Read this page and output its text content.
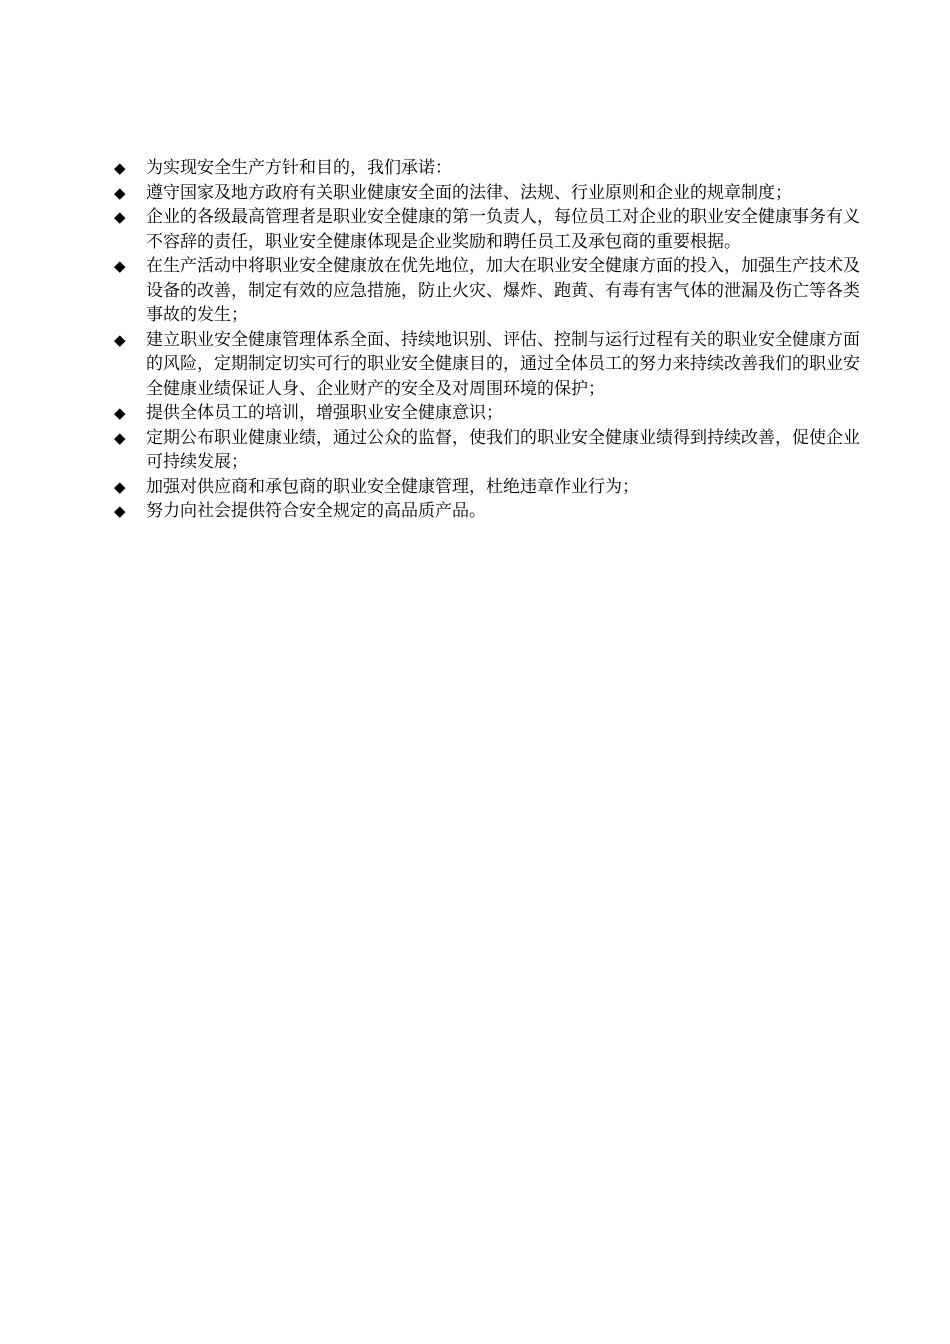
◆	为实现安全生产方针和目的，我们承诺：
◆	遵守国家及地方政府有关职业健康安全面的法律、法规、行业原则和企业的规章制度；
◆	企业的各级最高管理者是职业安全健康的第一负责人，每位员工对企业的职业安全健康事务有义不容辞的责任，职业安全健康体现是企业奖励和聘任员工及承包商的重要根据。
◆	在生产活动中将职业安全健康放在优先地位，加大在职业安全健康方面的投入，加强生产技术及设备的改善，制定有效的应急措施，防止火灾、爆炸、跑黄、有毒有害气体的泄漏及伤亡等各类事故的发生；
◆	建立职业安全健康管理体系全面、持续地识别、评估、控制与运行过程有关的职业安全健康方面的风险，定期制定切实可行的职业安全健康目的，通过全体员工的努力来持续改善我们的职业安全健康业绩保证人身、企业财产的安全及对周围环境的保护；
◆	提供全体员工的培训，增强职业安全健康意识；
◆	定期公布职业健康业绩，通过公众的监督，使我们的职业安全健康业绩得到持续改善，促使企业可持续发展；
◆	加强对供应商和承包商的职业安全健康管理，杜绝违章作业行为；
◆	努力向社会提供符合安全规定的高品质产品。
